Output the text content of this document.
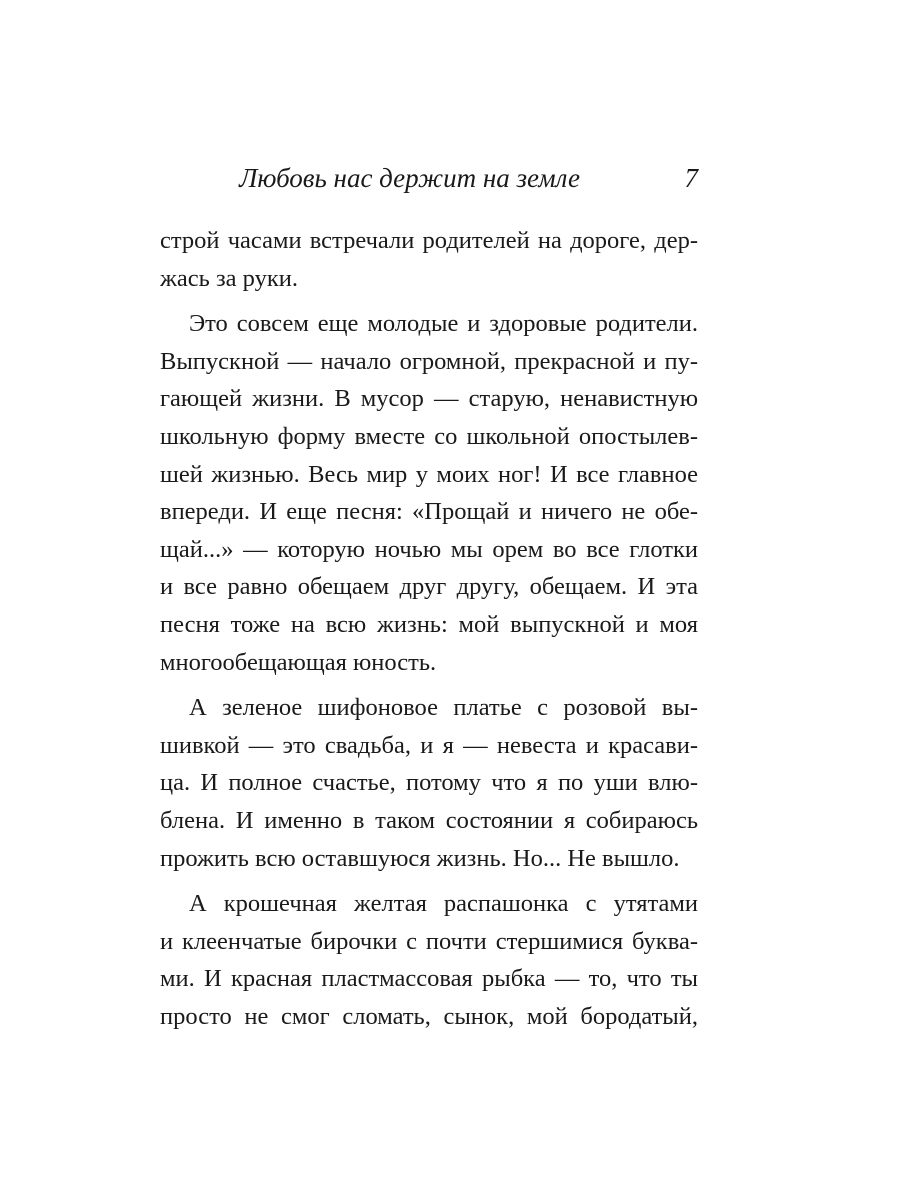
Любовь нас держит на земле	7
строй часами встречали родителей на дороге, дер-
жась за руки.
Это совсем еще молодые и здоровые родители.
Выпускной — начало огромной, прекрасной и пу-
гающей жизни. В мусор — старую, ненавистную
школьную форму вместе со школьной опостылев-
шей жизнью. Весь мир у моих ног! И все главное
впереди. И еще песня: «Прощай и ничего не обе-
щай...» — которую ночью мы орем во все глотки
и все равно обещаем друг другу, обещаем. И эта
песня тоже на всю жизнь: мой выпускной и моя
многообещающая юность.
А зеленое шифоновое платье с розовой вы-
шивкой — это свадьба, и я — невеста и красави-
ца. И полное счастье, потому что я по уши влю-
блена. И именно в таком состоянии я собираюсь
прожить всю оставшуюся жизнь. Но... Не вышло.
А крошечная желтая распашонка с утятами
и клеенчатые бирочки с почти стершимися буква-
ми. И красная пластмассовая рыбка — то, что ты
просто не смог сломать, сынок, мой бородатый,
